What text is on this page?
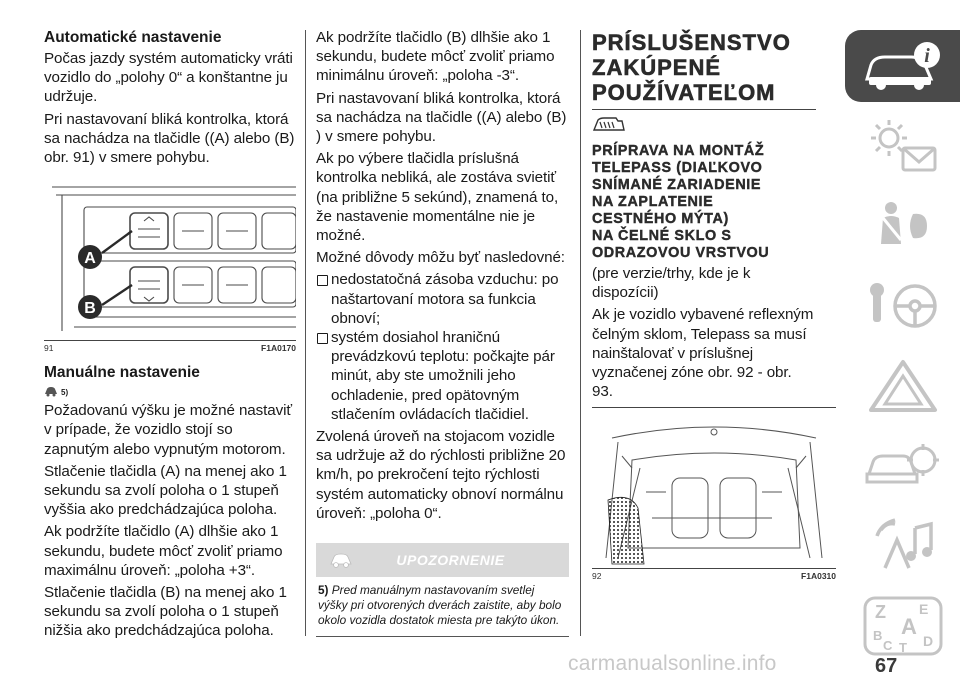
Automatické nastavenie

Počas jazdy systém automaticky vráti vozidlo do „polohy 0“ a konštantne ju udržuje.

Pri nastavovaní bliká kontrolka, ktorá sa nachádza na tlačidle ((A) alebo (B) obr. 91) v smere pohybu.

A
B
91	F1A0170
Manuálne nastavenie
5)

Požadovanú výšku je možné nastaviť v prípade, že vozidlo stojí so zapnutým alebo vypnutým motorom.

Stlačenie tlačidla (A) na menej ako 1 sekundu sa zvolí poloha o 1 stupeň vyššia ako predchádzajúca poloha.

Ak podržíte tlačidlo (A) dlhšie ako 1 sekundu, budete môcť zvoliť priamo maximálnu úroveň: „poloha +3“.

Stlačenie tlačidla (B) na menej ako 1 sekundu sa zvolí poloha o 1 stupeň nižšia ako predchádzajúca poloha.

Ak podržíte tlačidlo (B) dlhšie ako 1 sekundu, budete môcť zvoliť priamo minimálnu úroveň: „poloha -3“.

Pri nastavovaní bliká kontrolka, ktorá sa nachádza na tlačidle ((A) alebo (B) ) v smere pohybu.

Ak po výbere tlačidla príslušná kontrolka nebliká, ale zostáva svietiť (na približne 5 sekúnd), znamená to, že nastavenie momentálne nie je možné.

Možné dôvody môžu byť nasledovné:

nedostatočná zásoba vzduchu: po naštartovaní motora sa funkcia obnoví;
systém dosiahol hraničnú prevádzkovú teplotu: počkajte pár minút, aby ste umožnili jeho ochladenie, pred opätovným stlačením ovládacích tlačidiel.

Zvolená úroveň na stojacom vozidle sa udržuje až do rýchlosti približne 20 km/h, po prekročení tejto rýchlosti systém automaticky obnoví normálnu úroveň: „poloha 0“.

UPOZORNENIE
5) Pred manuálnym nastavovaním svetlej výšky pri otvorených dverách zaistite, aby bolo okolo vozidla dostatok miesta pre takýto úkon.
PRÍSLUŠENSTVO
ZAKÚPENÉ
POUŽÍVATEĽOM
PRÍPRAVA NA MONTÁŽ
TELEPASS (DIAĽKOVO
SNÍMANÉ ZARIADENIE
NA ZAPLATENIE
CESTNÉHO MÝTA)
NA ČELNÉ SKLO S
ODRAZOVOU VRSTVOU

(pre verzie/trhy, kde je k dispozícii)

Ak je vozidlo vybavené reflexným čelným sklom, Telepass sa musí nainštalovať v príslušnej vyznačenej zóne obr. 92 - obr. 93.

92	F1A0310
i
Z E
B A
C T D
carmanualsonline.info	67
